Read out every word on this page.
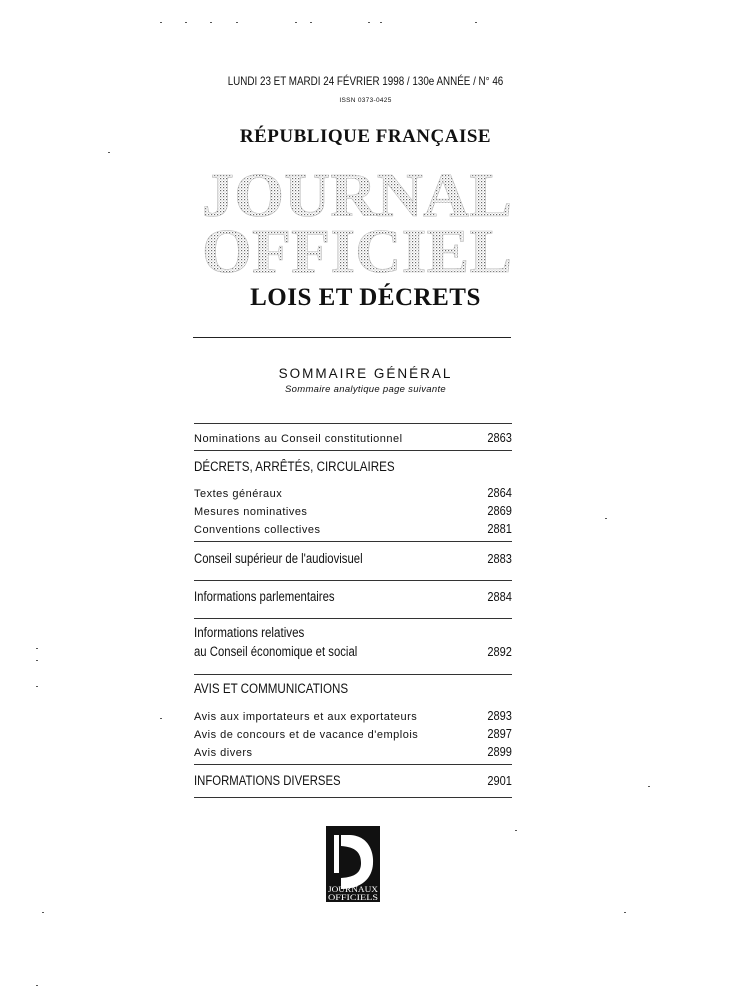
LUNDI 23 ET MARDI 24 FÉVRIER 1998 / 130e ANNÉE / N° 46
ISSN 0373-0425
RÉPUBLIQUE FRANÇAISE
JOURNAL
OFFICIEL
LOIS ET DÉCRETS
SOMMAIRE GÉNÉRAL
Sommaire analytique page suivante
Nominations au Conseil constitutionnel	2863
DÉCRETS, ARRÊTÉS, CIRCULAIRES
Textes généraux	2864
Mesures nominatives	2869
Conventions collectives	2881
Conseil supérieur de l'audiovisuel	2883
Informations parlementaires	2884
Informations relatives
au Conseil économique et social	2892
AVIS ET COMMUNICATIONS
Avis aux importateurs et aux exportateurs	2893
Avis de concours et de vacance d'emplois	2897
Avis divers	2899
INFORMATIONS DIVERSES	2901
JOURNAUX
OFFICIELS
